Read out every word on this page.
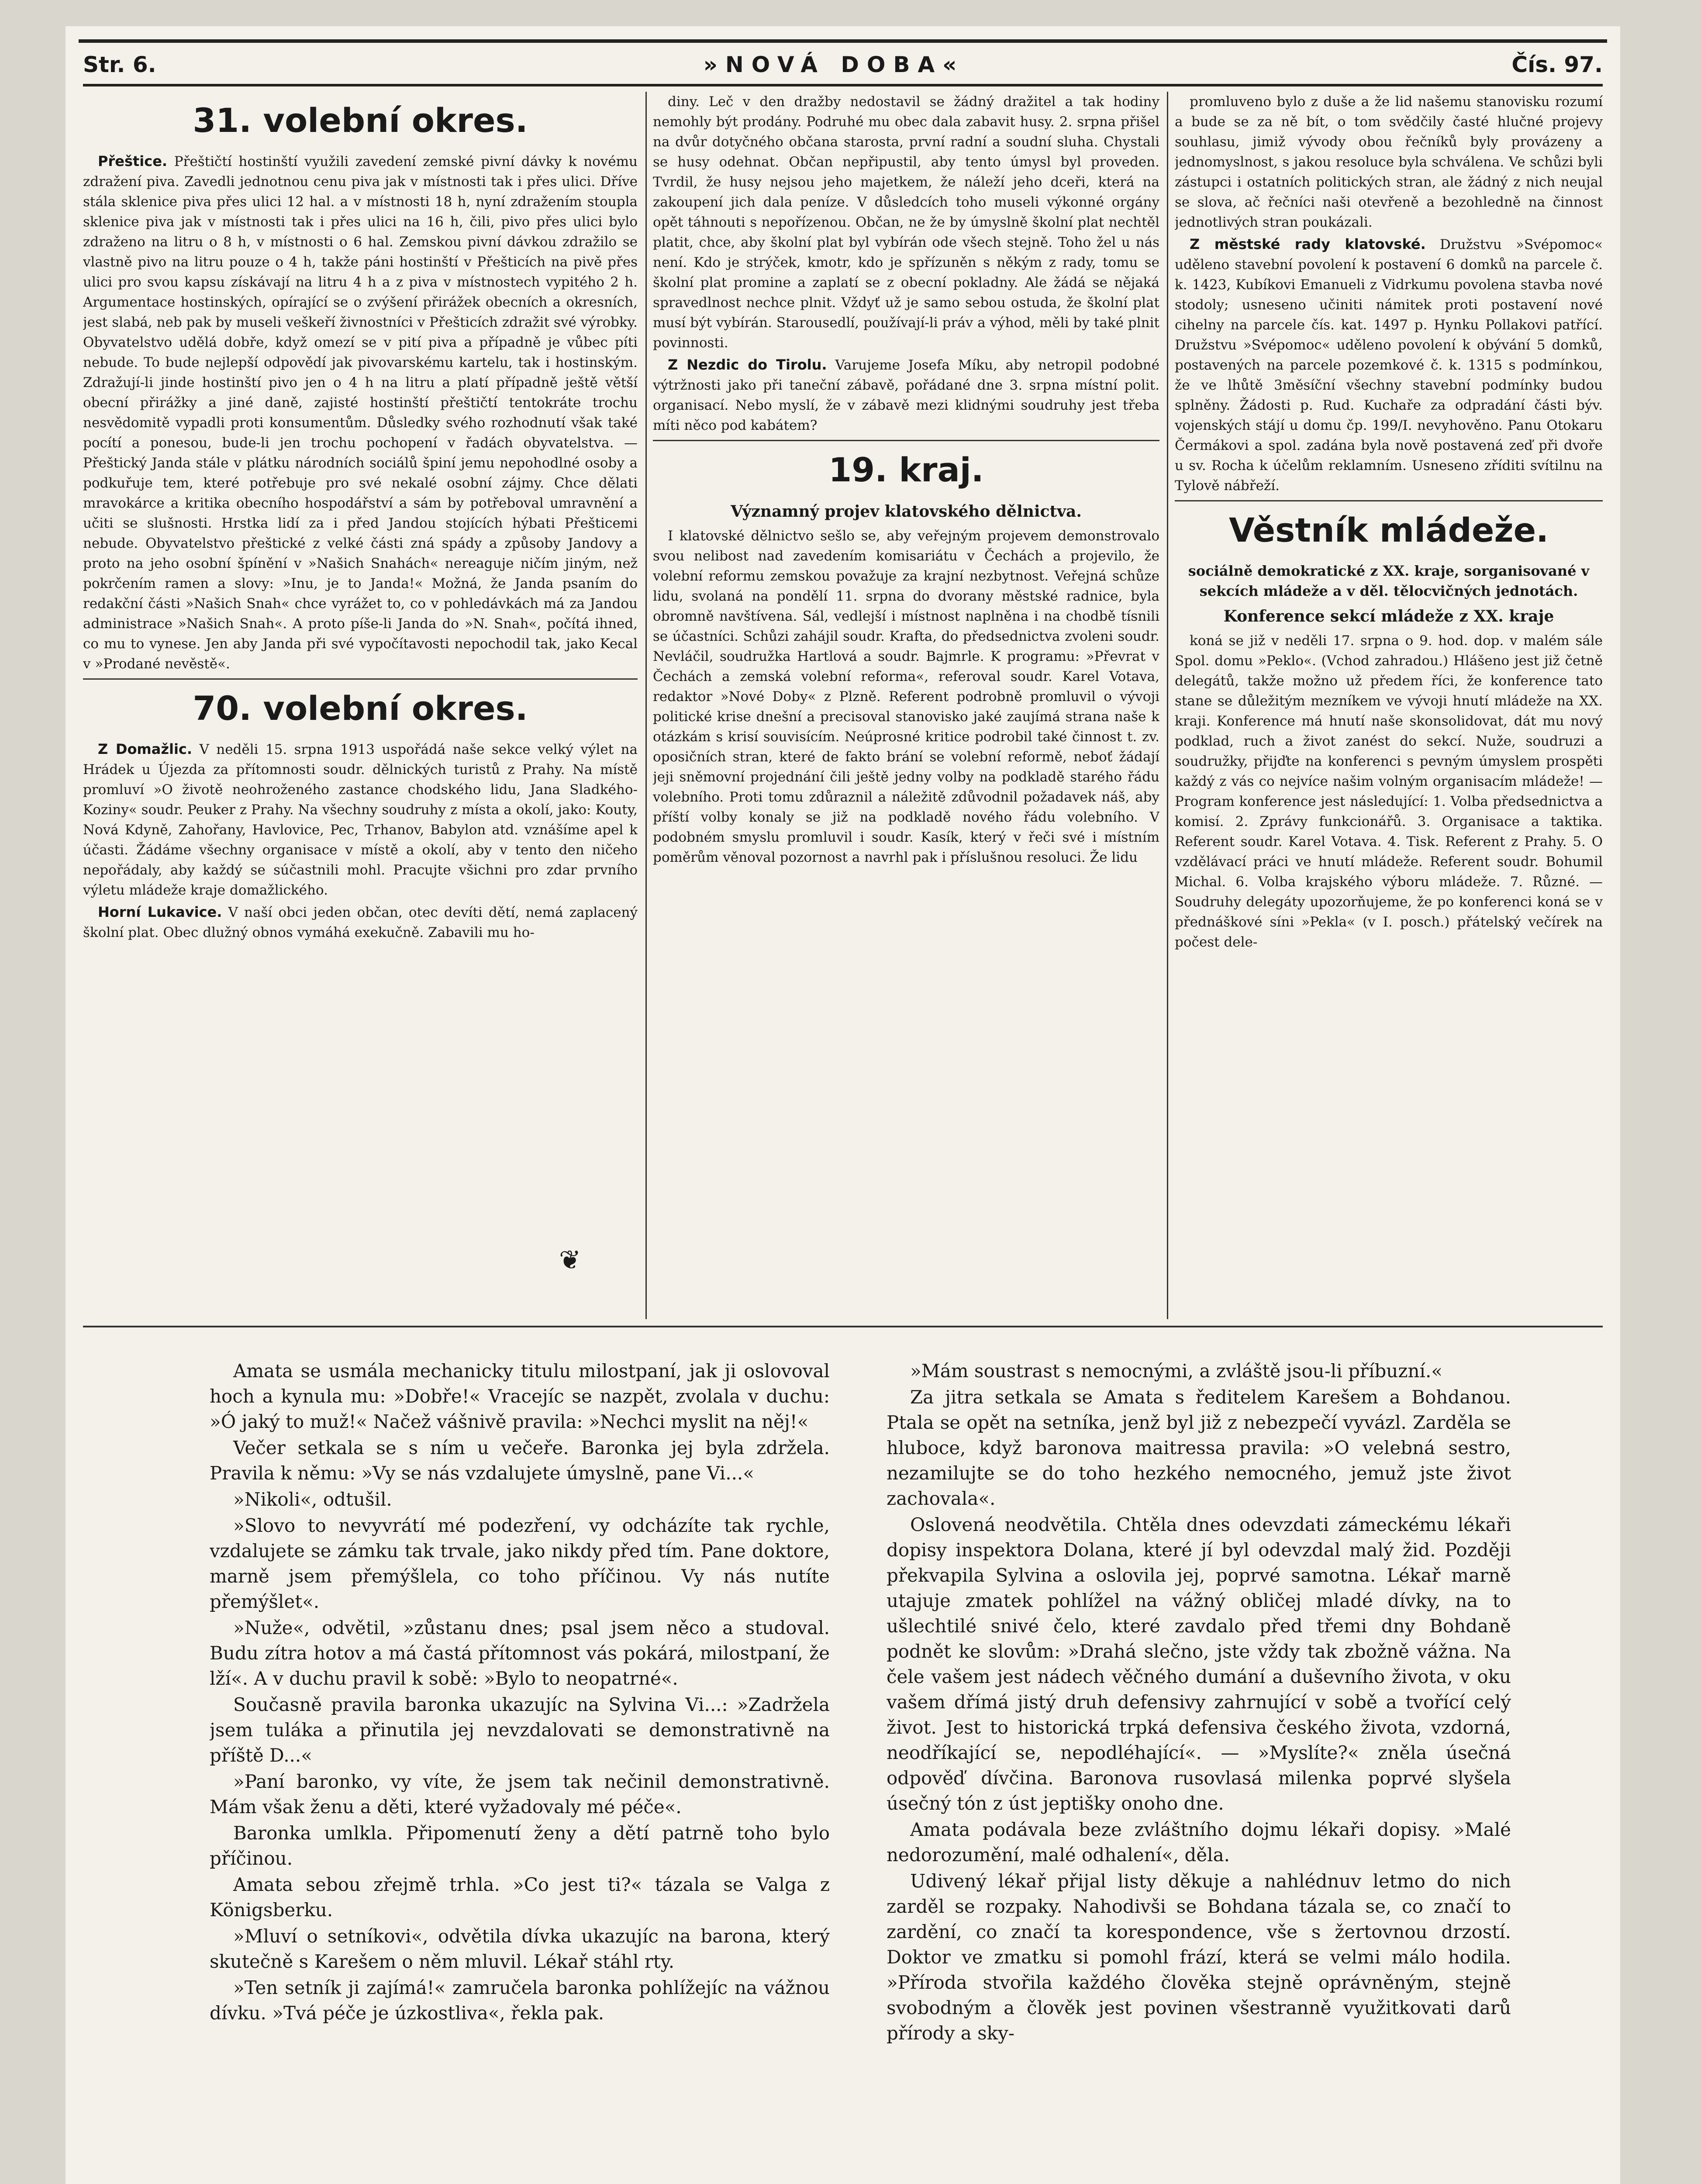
Str. 6.	»NOVÁ DOBA«	Čís. 97.
31. volební okres.

Přeštice. Přeštičtí hostinští využili zavedení zemské pivní dávky k novému zdražení piva. Zavedli jednotnou cenu piva jak v místnosti tak i přes ulici. Dříve stála sklenice piva přes ulici 12 hal. a v místnosti 18 h, nyní zdražením stoupla sklenice piva jak v místnosti tak i přes ulici na 16 h, čili, pivo přes ulici bylo zdraženo na litru o 8 h, v místnosti o 6 hal. Zemskou pivní dávkou zdražilo se vlastně pivo na litru pouze o 4 h, takže páni hostinští v Přešticích na pivě přes ulici pro svou kapsu získávají na litru 4 h a z piva v místnostech vypitého 2 h. Argumentace hostinských, opírající se o zvýšení přirážek obecních a okresních, jest slabá, neb pak by museli veškeří živnostníci v Přešticích zdražit své výrobky. Obyvatelstvo udělá dobře, když omezí se v pití piva a případně je vůbec píti nebude. To bude nejlepší odpovědí jak pivovarskému kartelu, tak i hostinským. Zdražují-li jinde hostinští pivo jen o 4 h na litru a platí případně ještě větší obecní přirážky a jiné daně, zajisté hostinští přeštičtí tentokráte trochu nesvědomitě vypadli proti konsumentům. Důsledky svého rozhodnutí však také pocítí a ponesou, bude-li jen trochu pochopení v řadách obyvatelstva. — Přeštický Janda stále v plátku národních sociálů špiní jemu nepohodlné osoby a podkuřuje tem, které potřebuje pro své nekalé osobní zájmy. Chce dělati mravokárce a kritika obecního hospodářství a sám by potřeboval umravnění a učiti se slušnosti. Hrstka lidí za i před Jandou stojících hýbati Přešticemi nebude. Obyvatelstvo přeštické z velké části zná spády a způsoby Jandovy a proto na jeho osobní špínění v »Našich Snahách« nereaguje ničím jiným, než pokrčením ramen a slovy: »Inu, je to Janda!« Možná, že Janda psaním do redakční části »Našich Snah« chce vyrážet to, co v pohledávkách má za Jandou administrace »Našich Snah«. A proto píše-li Janda do »N. Snah«, počítá ihned, co mu to vynese. Jen aby Janda při své vypočítavosti nepochodil tak, jako Kecal v »Prodané nevěstě«.

70. volební okres.

Z Domažlic. V neděli 15. srpna 1913 uspořádá naše sekce velký výlet na Hrádek u Újezda za přítomnosti soudr. dělnických turistů z Prahy. Na místě promluví »O životě neohroženého zastance chodského lidu, Jana Sladkého-Koziny« soudr. Peuker z Prahy. Na všechny soudruhy z místa a okolí, jako: Kouty, Nová Kdyně, Zahořany, Havlovice, Pec, Trhanov, Babylon atd. vznášíme apel k účasti. Žádáme všechny organisace v místě a okolí, aby v tento den ničeho nepořádaly, aby každý se súčastnili mohl. Pracujte všichni pro zdar prvního výletu mládeže kraje domažlického.

Horní Lukavice. V naší obci jeden občan, otec devíti dětí, nemá zaplacený školní plat. Obec dlužný obnos vymáhá exekučně. Zabavili mu ho-

❦

diny. Leč v den dražby nedostavil se žádný dražitel a tak hodiny nemohly být prodány. Podruhé mu obec dala zabavit husy. 2. srpna přišel na dvůr dotyčného občana starosta, první radní a soudní sluha. Chystali se husy odehnat. Občan nepřipustil, aby tento úmysl byl proveden. Tvrdil, že husy nejsou jeho majetkem, že náleží jeho dceři, která na zakoupení jich dala peníze. V důsledcích toho museli výkonné orgány opět táhnouti s nepořízenou. Občan, ne že by úmyslně školní plat nechtěl platit, chce, aby školní plat byl vybírán ode všech stejně. Toho žel u nás není. Kdo je strýček, kmotr, kdo je spřízuněn s někým z rady, tomu se školní plat promine a zaplatí se z obecní pokladny. Ale žádá se nějaká spravedlnost nechce plnit. Vždyť už je samo sebou ostuda, že školní plat musí být vybírán. Starousedlí, používají-li práv a výhod, měli by také plnit povinnosti.

Z Nezdic do Tirolu. Varujeme Josefa Míku, aby netropil podobné výtržnosti jako při taneční zábavě, pořádané dne 3. srpna místní polit. organisací. Nebo myslí, že v zábavě mezi klidnými soudruhy jest třeba míti něco pod kabátem?

19. kraj.
Významný projev klatovského dělnictva.

I klatovské dělnictvo sešlo se, aby veřejným projevem demonstrovalo svou nelibost nad zavedením komisariátu v Čechách a projevilo, že volební reformu zemskou považuje za krajní nezbytnost. Veřejná schůze lidu, svolaná na pondělí 11. srpna do dvorany městské radnice, byla obromně navštívena. Sál, vedlejší i místnost naplněna i na chodbě tísnili se účastníci. Schůzi zahájil soudr. Krafta, do předsednictva zvoleni soudr. Nevláčil, soudružka Hartlová a soudr. Bajmrle. K programu: »Převrat v Čechách a zemská volební reforma«, referoval soudr. Karel Votava, redaktor »Nové Doby« z Plzně. Referent podrobně promluvil o vývoji politické krise dnešní a precisoval stanovisko jaké zaujímá strana naše k otázkám s krisí souvisícím. Neúprosné kritice podrobil také činnost t. zv. oposičních stran, které de fakto brání se volební reformě, neboť žádají jeji sněmovní projednání čili ještě jedny volby na podkladě starého řádu volebního. Proti tomu zdůraznil a náležitě zdůvodnil požadavek náš, aby příští volby konaly se již na podkladě nového řádu volebního. V podobném smyslu promluvil i soudr. Kasík, který v řeči své i místním poměrům věnoval pozornost a navrhl pak i příslušnou resoluci. Že lidu

promluveno bylo z duše a že lid našemu stanovisku rozumí a bude se za ně bít, o tom svědčily časté hlučné projevy souhlasu, jimiž vývody obou řečníků byly provázeny a jednomyslnost, s jakou resoluce byla schválena. Ve schůzi byli zástupci i ostatních politických stran, ale žádný z nich neujal se slova, ač řečníci naši otevřeně a bezohledně na činnost jednotlivých stran poukázali.

Z městské rady klatovské. Družstvu »Svépomoc« uděleno stavební povolení k postavení 6 domků na parcele č. k. 1423, Kubíkovi Emanueli z Vidrkumu povolena stavba nové stodoly; usneseno učiniti námitek proti postavení nové cihelny na parcele čís. kat. 1497 p. Hynku Pollakovi patřící. Družstvu »Svépomoc« uděleno povolení k obývání 5 domků, postavených na parcele pozemkové č. k. 1315 s podmínkou, že ve lhůtě 3měsíční všechny stavební podmínky budou splněny. Žádosti p. Rud. Kuchaře za odpradání části býv. vojenských stájí u domu čp. 199/I. nevyhověno. Panu Otokaru Čermákovi a spol. zadána byla nově postavená zeď při dvoře u sv. Rocha k účelům reklamním. Usneseno zříditi svítilnu na Tylově nábřeží.

Věstník mládeže.
sociálně demokratické z XX. kraje, sorganisované v sekcích mládeže a v děl. tělocvičných jednotách.
Konference sekcí mládeže z XX. kraje

koná se již v neděli 17. srpna o 9. hod. dop. v malém sále Spol. domu »Peklo«. (Vchod zahradou.) Hlášeno jest již četně delegátů, takže možno už předem říci, že konference tato stane se důležitým mezníkem ve vývoji hnutí mládeže na XX. kraji. Konference má hnutí naše skonsolidovat, dát mu nový podklad, ruch a život zanést do sekcí. Nuže, soudruzi a soudružky, přijďte na konferenci s pevným úmyslem prospěti každý z vás co nejvíce našim volným organisacím mládeže! — Program konference jest následující: 1. Volba předsednictva a komisí. 2. Zprávy funkcionářů. 3. Organisace a taktika. Referent soudr. Karel Votava. 4. Tisk. Referent z Prahy. 5. O vzdělávací práci ve hnutí mládeže. Referent soudr. Bohumil Michal. 6. Volba krajského výboru mládeže. 7. Různé. — Soudruhy delegáty upozorňujeme, že po konferenci koná se v přednáškové síni »Pekla« (v I. posch.) přátelský večírek na počest dele-

Amata se usmála mechanicky titulu milostpaní, jak ji oslovoval hoch a kynula mu: »Dobře!« Vracejíc se nazpět, zvolala v duchu: »Ó jaký to muž!« Načež vášnivě pravila: »Nechci myslit na něj!«

Večer setkala se s ním u večeře. Baronka jej byla zdržela. Pravila k němu: »Vy se nás vzdalujete úmyslně, pane Vi...«

»Nikoli«, odtušil.

»Slovo to nevyvrátí mé podezření, vy odcházíte tak rychle, vzdalujete se zámku tak trvale, jako nikdy před tím. Pane doktore, marně jsem přemýšlela, co toho příčinou. Vy nás nutíte přemýšlet«.

»Nuže«, odvětil, »zůstanu dnes; psal jsem něco a studoval. Budu zítra hotov a má častá přítomnost vás pokárá, milostpaní, že lží«. A v duchu pravil k sobě: »Bylo to neopatrné«.

Současně pravila baronka ukazujíc na Sylvina Vi...: »Zadržela jsem tuláka a přinutila jej nevzdalovati se demonstrativně na příště D...«

»Paní baronko, vy víte, že jsem tak nečinil demonstrativně. Mám však ženu a děti, které vyžadovaly mé péče«.

Baronka umlkla. Připomenutí ženy a dětí patrně toho bylo příčinou.

Amata sebou zřejmě trhla. »Co jest ti?« tázala se Valga z Königsberku.

»Mluví o setníkovi«, odvětila dívka ukazujíc na barona, který skutečně s Karešem o něm mluvil. Lékař stáhl rty.

»Ten setník ji zajímá!« zamručela baronka pohlížejíc na vážnou dívku. »Tvá péče je úzkostliva«, řekla pak.

»Mám soustrast s nemocnými, a zvláště jsou-li příbuzní.«

Za jitra setkala se Amata s ředitelem Karešem a Bohdanou. Ptala se opět na setníka, jenž byl již z nebezpečí vyvázl. Zarděla se hluboce, když baronova maitressa pravila: »O velebná sestro, nezamilujte se do toho hezkého nemocného, jemuž jste život zachovala«.

Oslovená neodvětila. Chtěla dnes odevzdati zámeckému lékaři dopisy inspektora Dolana, které jí byl odevzdal malý žid. Později překvapila Sylvina a oslovila jej, poprvé samotna. Lékař marně utajuje zmatek pohlížel na vážný obličej mladé dívky, na to ušlechtilé snivé čelo, které zavdalo před třemi dny Bohdaně podnět ke slovům: »Drahá slečno, jste vždy tak zbožně vážna. Na čele vašem jest nádech věčného dumání a duševního života, v oku vašem dřímá jistý druh defensivy zahrnující v sobě a tvořící celý život. Jest to historická trpká defensiva českého života, vzdorná, neodříkající se, nepodléhající«. — »Myslíte?« zněla úsečná odpověď dívčina. Baronova rusovlasá milenka poprvé slyšela úsečný tón z úst jeptišky onoho dne.

Amata podávala beze zvláštního dojmu lékaři dopisy. »Malé nedorozumění, malé odhalení«, děla.

Udivený lékař přijal listy děkuje a nahlédnuv letmo do nich zarděl se rozpaky. Nahodivši se Bohdana tázala se, co značí to zardění, co značí ta korespondence, vše s žertovnou drzostí. Doktor ve zmatku si pomohl frází, která se velmi málo hodila. »Příroda stvořila každého člověka stejně oprávněným, stejně svobodným a člověk jest povinen všestranně využitkovati darů přírody a sky-
